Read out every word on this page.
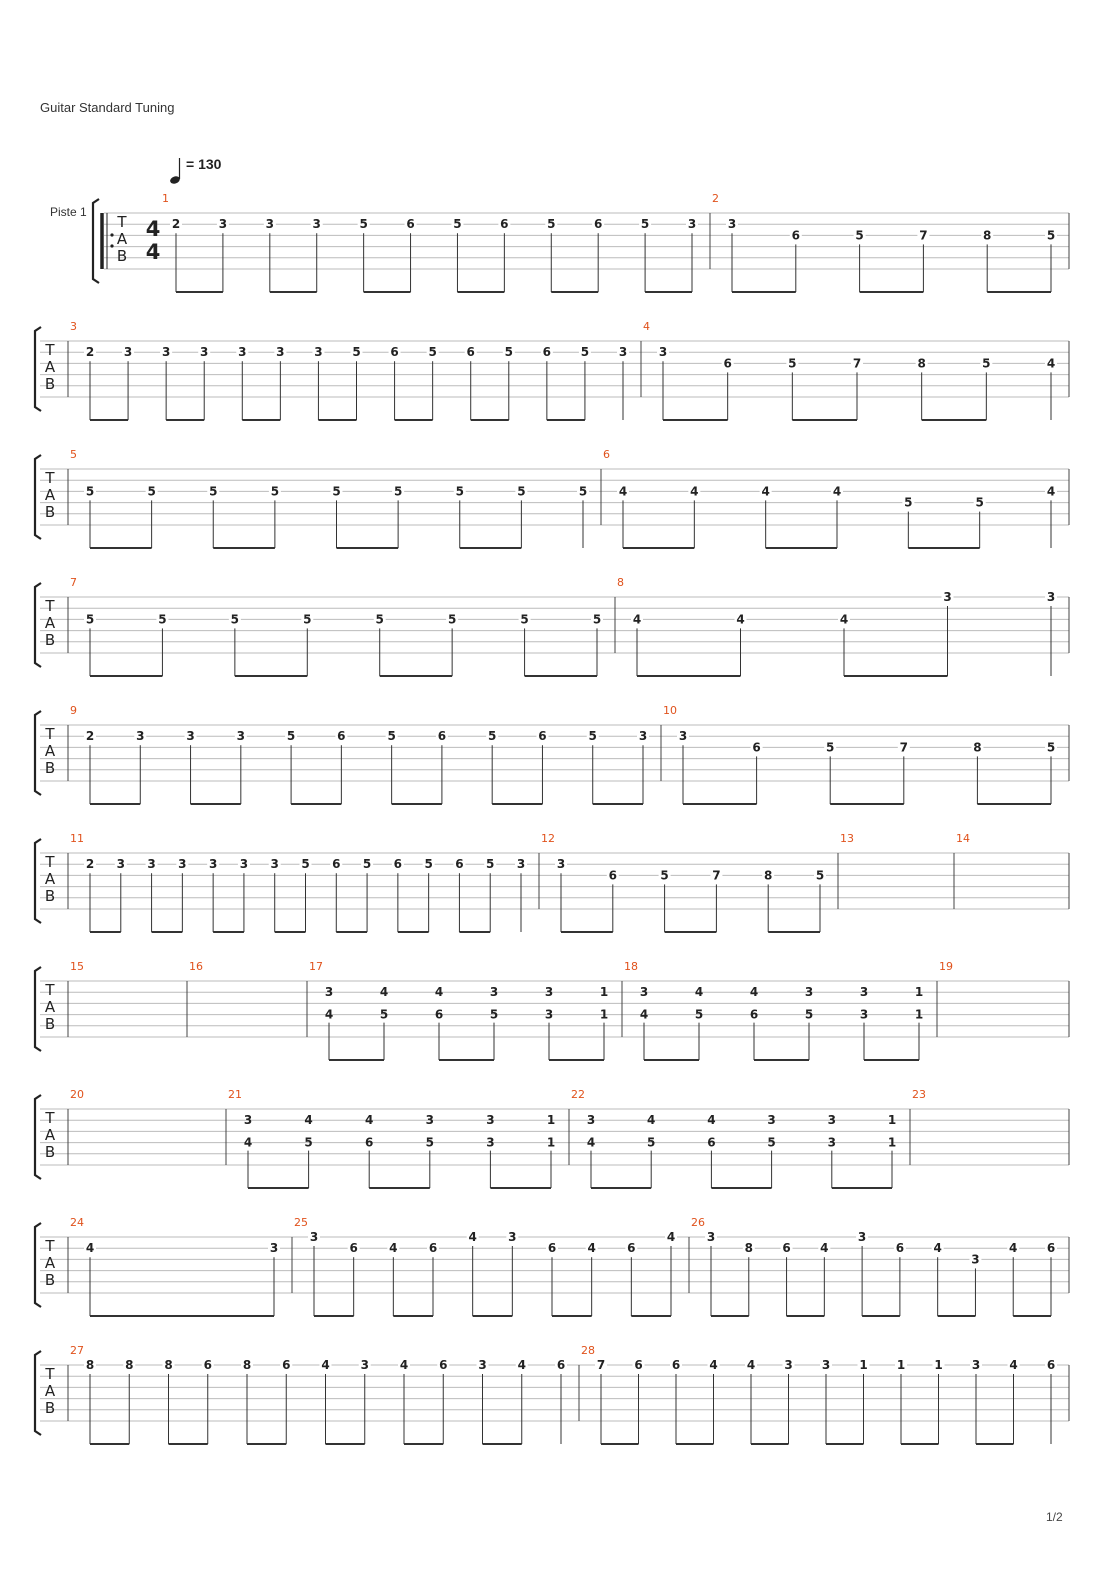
Guitar Standard Tuning
Piste 1
= 130
1/2
T
A
B
4
4
1
2	3	3	3	5	6	5	6	5	6	5	3
2
3
6	5	7	8	5
T
A
B
3
2 3 3 3 3 3 3 5 6 5 6 5 6 5 3
4
3
6	5	7	8	5	4
T
A
B
5
5	5	5	5	5	5	5	5	5
6
4	4	4	4
5	5
4
T
A
B
7
5	5	5	5	5	5	5	5
8
4	4	4
3	3
T
A
B
9
2	3	3	3	5	6	5	6	5	6	5	3
10
3
6	5	7	8	5
T
A
B
11
2 3 3 3 3 3 3 5 6 5 6 5 6 5 3
12
3
6	5	7	8	5
13	14
T
A
B
15	16	17
3
4
4
5
4
6
3
5
3
3
1
1
18
3
4
4
5
4
6
3
5
3
3
1
1
19
T
A
B
20	21
3
4
4
5
4
6
3
5
3
3
1
1
22
3
4
4
5
4
6
3
5
3
3
1
1
23
T
A
B
24
4	3
25
3
6	4	6
4	3
6	4	6
4
26
3
8 6 4
3
6 4
3
4 6
T
A
B
27
8	8	8	6	8	6	4	3	4	6	3	4	6
28
7 6 6 4 4 3 3 1 1 1 3 4 6
